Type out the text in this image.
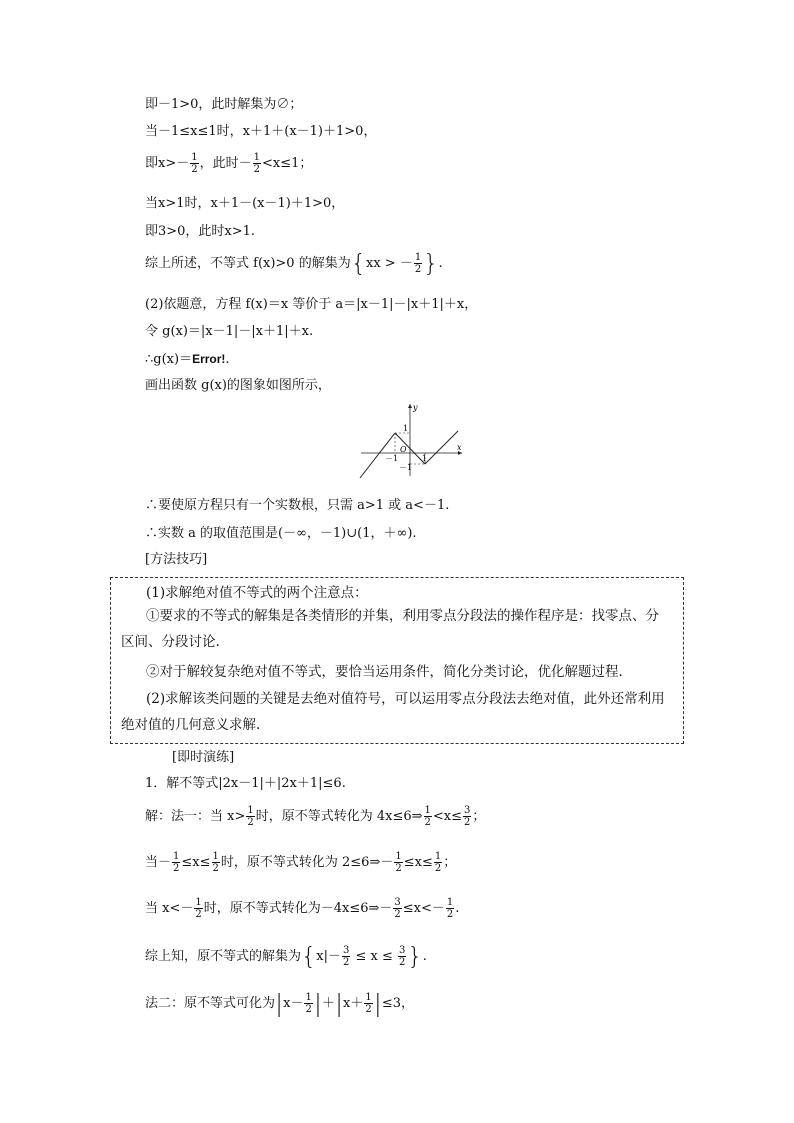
即－1>0，此时解集为∅；
当－1≤x≤1时，x＋1＋(x－1)＋1>0，
即$x>- \frac{1}{2}$ ，此时－ $\frac{1}{2} <x\le 1$；
当x>1时，x＋1－(x－1)＋1>0，
即3>0，此时x>1.
综上所述，不等式 f(x)>0 的解集为{xx > － $\frac{1}{2}$ }.
(2)依题意，方程 f(x)＝x 等价于 a＝|x－1|－|x＋1|＋x，
令 g(x)＝|x－1|－|x＋1|＋x.
∴g(x)＝Error!.
画出函数 g(x)的图象如图所示，
y
x
O
－1	1
1
－1
∴要使原方程只有一个实数根，只需 a>1 或 a<－1.
∴实数 a 的取值范围是(－∞，－1)∪(1，＋∞).
[方法技巧]
(1)求解绝对值不等式的两个注意点：
①要求的不等式的解集是各类情形的并集，利用零点分段法的操作程序是：找零点、分
区间、分段讨论.
②对于解较复杂绝对值不等式，要恰当运用条件，简化分类讨论，优化解题过程.
(2)求解该类问题的关键是去绝对值符号，可以运用零点分段法去绝对值，此外还常利用
绝对值的几何意义求解.
[即时演练]
1．解不等式|2x－1|＋|2x＋1|≤6.
解：法一：当 $x> \frac{1}{2}$ 时，原不等式转化为 4x≤6⇒ $\frac{1}{2} <x\le \frac{3}{2}$ ；
当－ $\frac{1}{2} \le x\le \frac{1}{2}$ 时，原不等式转化为 2≤6⇒－ $\frac{1}{2} \le x\le \frac{1}{2}$ ；
当 $x<- \frac{1}{2}$ 时，原不等式转化为－4x≤6⇒－ $\frac{3}{2} \le x<- \frac{1}{2}$ .
综上知，原不等式的解集为{$x|- \frac{3}{2} \le x \le \frac{3}{2}$ }.
法二：原不等式可化为$|x- \frac{1}{2} |+|x+ \frac{1}{2} |\le 3$，
